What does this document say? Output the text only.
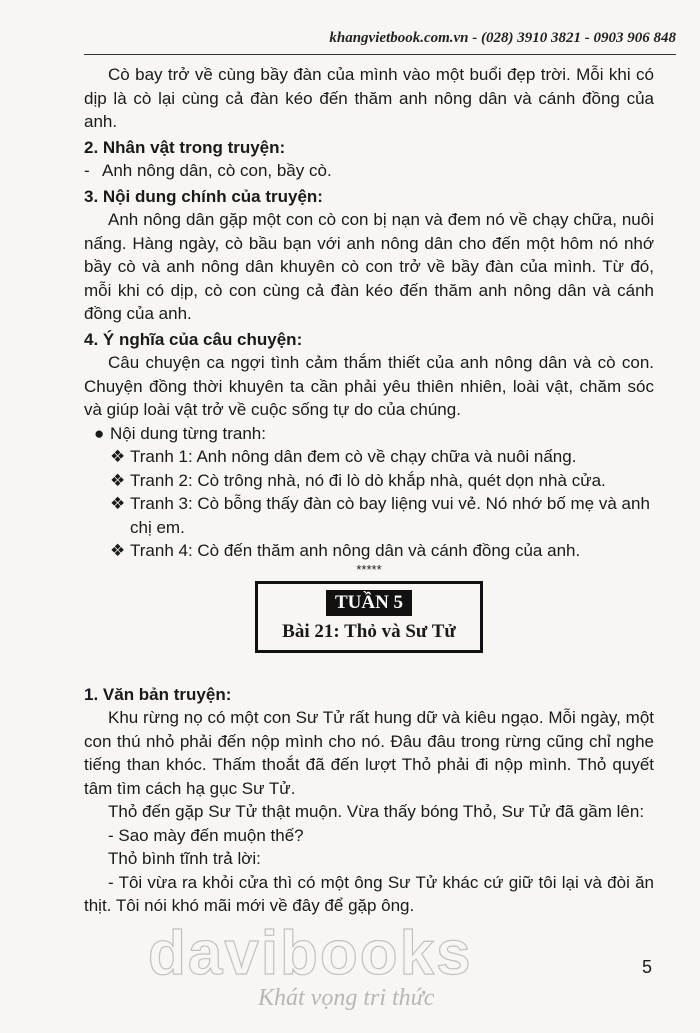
khangvietbook.com.vn - (028) 3910 3821 - 0903 906 848

Cò bay trở về cùng bầy đàn của mình vào một buổi đẹp trời. Mỗi khi có dịp là cò lại cùng cả đàn kéo đến thăm anh nông dân và cánh đồng của anh.

2. Nhân vật trong truyện:

- Anh nông dân, cò con, bầy cò.

3. Nội dung chính của truyện:

Anh nông dân gặp một con cò con bị nạn và đem nó về chạy chữa, nuôi nấng. Hàng ngày, cò bầu bạn với anh nông dân cho đến một hôm nó nhớ bầy cò và anh nông dân khuyên cò con trở về bầy đàn của mình. Từ đó, mỗi khi có dịp, cò con cùng cả đàn kéo đến thăm anh nông dân và cánh đồng của anh.

4. Ý nghĩa của câu chuyện:

Câu chuyện ca ngợi tình cảm thắm thiết của anh nông dân và cò con. Chuyện đồng thời khuyên ta cần phải yêu thiên nhiên, loài vật, chăm sóc và giúp loài vật trở về cuộc sống tự do của chúng.

● Nội dung từng tranh:

❖ Tranh 1: Anh nông dân đem cò về chạy chữa và nuôi nấng.

❖ Tranh 2: Cò trông nhà, nó đi lò dò khắp nhà, quét dọn nhà cửa.

❖ Tranh 3: Cò bỗng thấy đàn cò bay liệng vui vẻ. Nó nhớ bố mẹ và anh chị em.

❖ Tranh 4: Cò đến thăm anh nông dân và cánh đồng của anh.

*****

TUẦN 5
Bài 21: Thỏ và Sư Tử

1. Văn bản truyện:

Khu rừng nọ có một con Sư Tử rất hung dữ và kiêu ngạo. Mỗi ngày, một con thú nhỏ phải đến nộp mình cho nó. Đâu đâu trong rừng cũng chỉ nghe tiếng than khóc. Thấm thoắt đã đến lượt Thỏ phải đi nộp mình. Thỏ quyết tâm tìm cách hạ gục Sư Tử.

Thỏ đến gặp Sư Tử thật muộn. Vừa thấy bóng Thỏ, Sư Tử đã gầm lên:

- Sao mày đến muộn thế?

Thỏ bình tĩnh trả lời:

- Tôi vừa ra khỏi cửa thì có một ông Sư Tử khác cứ giữ tôi lại và đòi ăn thịt. Tôi nói khó mãi mới về đây để gặp ông.

5
davibooks
Khát vọng tri thức
